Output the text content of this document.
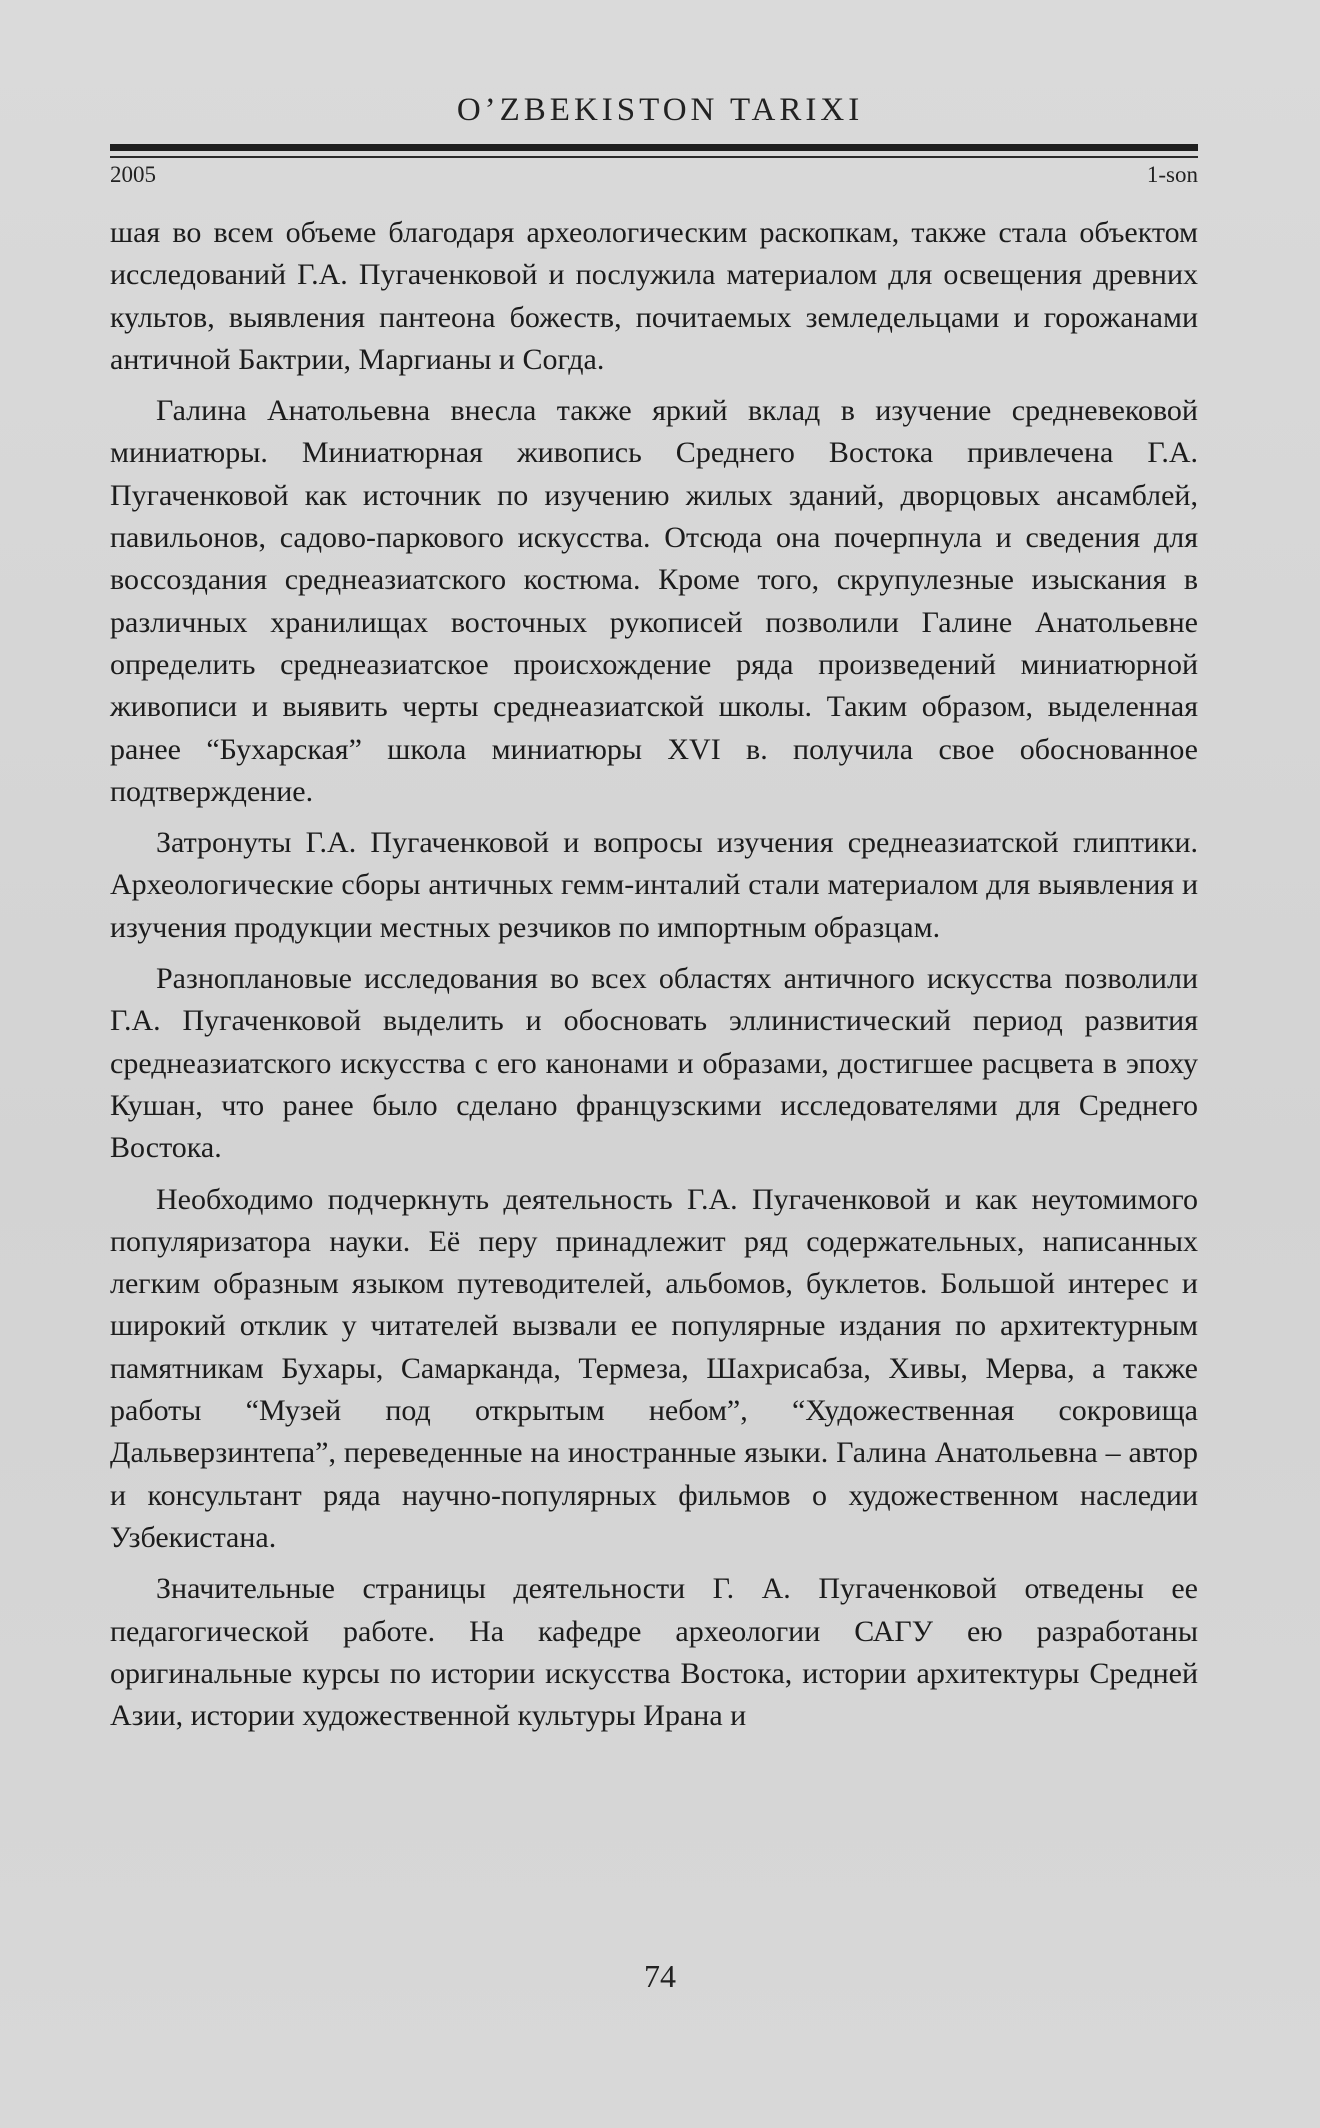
O’ZBEKISTON TARIXI
2005	1-son

шая во всем объеме благодаря археологическим раскопкам, также стала объектом исследований Г.А. Пугаченковой и послужила материалом для освещения древних культов, выявления пантеона божеств, почитаемых земледельцами и горожанами античной Бактрии, Маргианы и Согда.

Галина Анатольевна внесла также яркий вклад в изучение средневековой миниатюры. Миниатюрная живопись Среднего Востока привлечена Г.А. Пугаченковой как источник по изучению жилых зданий, дворцовых ансамблей, павильонов, садово-паркового искусства. Отсюда она почерпнула и сведения для воссоздания среднеазиатского костюма. Кроме того, скрупулезные изыскания в различных хранилищах восточных рукописей позволили Галине Анатольевне определить среднеазиатское происхождение ряда произведений миниатюрной живописи и выявить черты среднеазиатской школы. Таким образом, выделенная ранее “Бухарская” школа миниатюры XVI в. получила свое обоснованное подтверждение.

Затронуты Г.А. Пугаченковой и вопросы изучения среднеазиатской глиптики. Археологические сборы античных гемм-инталий стали материалом для выявления и изучения продукции местных резчиков по импортным образцам.

Разноплановые исследования во всех областях античного искусства позволили Г.А. Пугаченковой выделить и обосновать эллинистический период развития среднеазиатского искусства с его канонами и образами, достигшее расцвета в эпоху Кушан, что ранее было сделано французскими исследователями для Среднего Востока.

Необходимо подчеркнуть деятельность Г.А. Пугаченковой и как неутомимого популяризатора науки. Её перу принадлежит ряд содержательных, написанных легким образным языком путеводителей, альбомов, буклетов. Большой интерес и широкий отклик у читателей вызвали ее популярные издания по архитектурным памятникам Бухары, Самарканда, Термеза, Шахрисабза, Хивы, Мерва, а также работы “Музей под открытым небом”, “Художественная сокровища Дальверзинтепа”, переведенные на иностранные языки. Галина Анатольевна – автор и консультант ряда научно-популярных фильмов о художественном наследии Узбекистана.

Значительные страницы деятельности Г. А. Пугаченковой отведены ее педагогической работе. На кафедре археологии САГУ ею разработаны оригинальные курсы по истории искусства Востока, истории архитектуры Средней Азии, истории художественной культуры Ирана и

74
